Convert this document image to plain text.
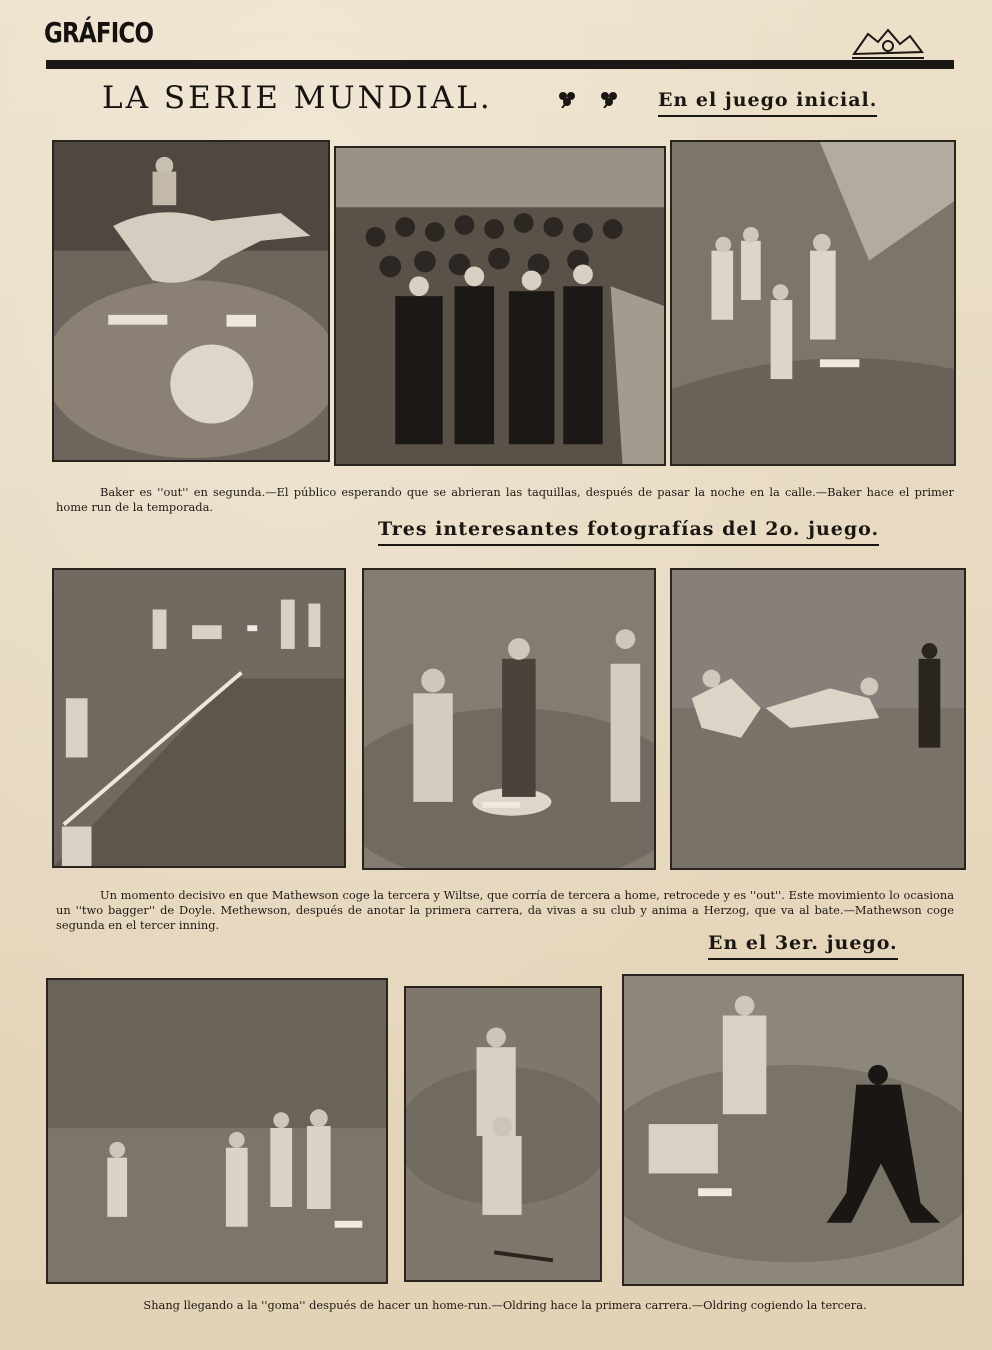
GRÁFICO
LA SERIE MUNDIAL.	En el juego inicial.
Baker es ''out'' en segunda.—El público esperando que se abrieran las taquillas, después de pasar la noche en la calle.—Baker hace el primer home run de la temporada.
Tres interesantes fotografías del 2o. juego.
Un momento decisivo en que Mathewson coge la tercera y Wiltse, que corría de tercera a home, retrocede y es ''out''. Este movimiento lo ocasiona un ''two bagger'' de Doyle. Methewson, después de anotar la primera carrera, da vivas a su club y anima a Herzog, que va al bate.—Mathewson coge segunda en el tercer inning.
En el 3er. juego.
Shang llegando a la ''goma'' después de hacer un home-run.—Oldring hace la primera carrera.—Oldring cogiendo la tercera.
